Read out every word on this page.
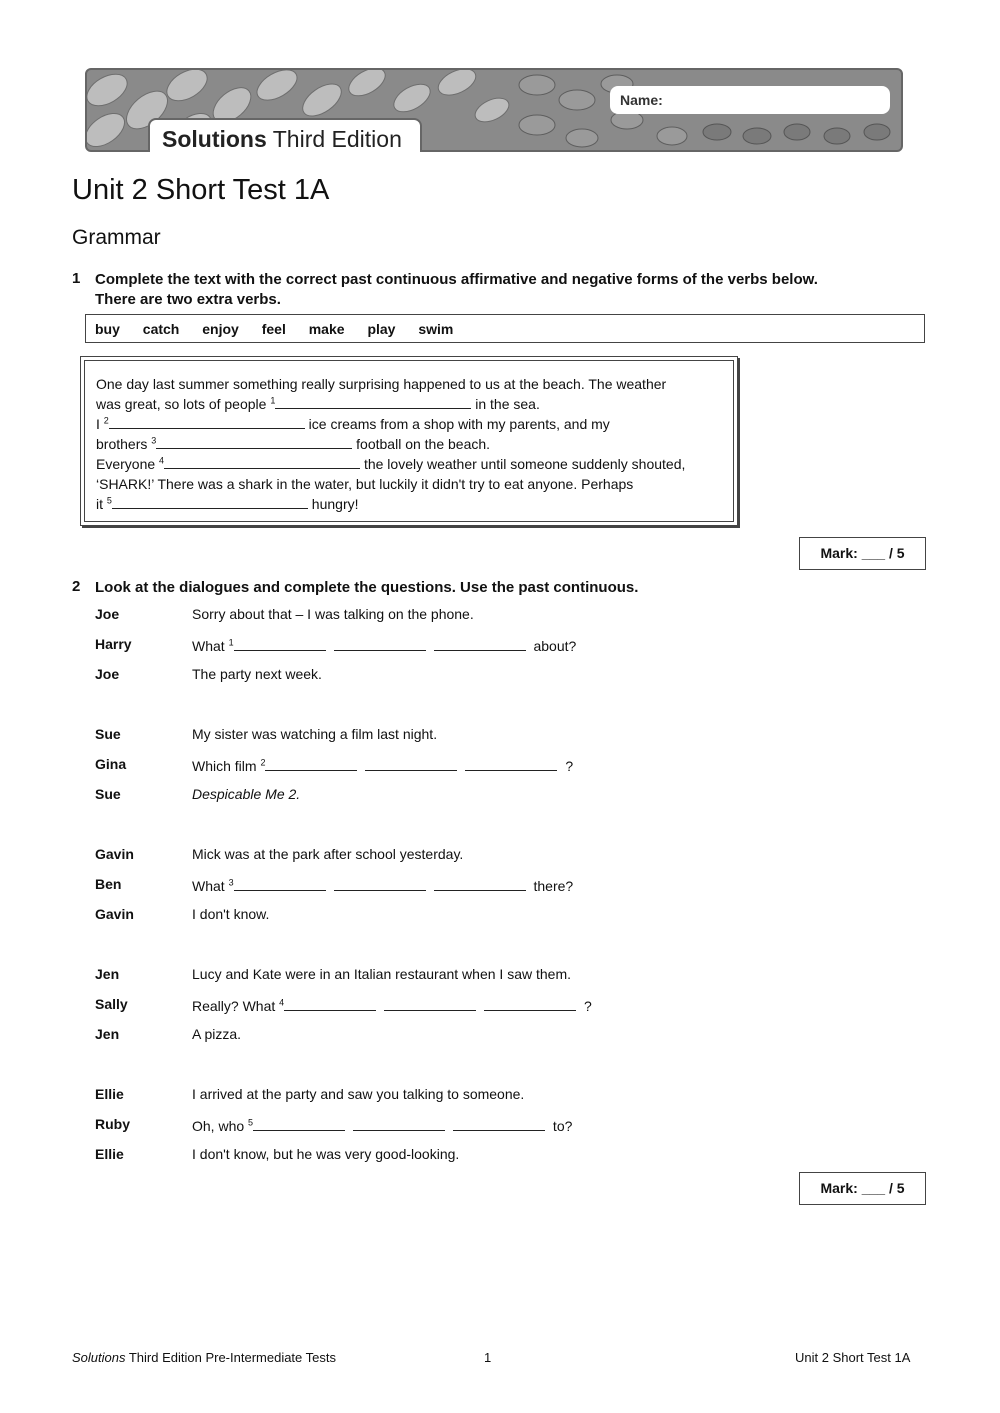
Name:
Solutions Third Edition
Unit 2 Short Test 1A
Grammar
1 Complete the text with the correct past continuous affirmative and negative forms of the verbs below.
There are two extra verbs.
buy catch enjoy feel make play swim
One day last summer something really surprising happened to us at the beach. The weather
was great, so lots of people $^1$	in the sea.
I $^2$	ice creams from a shop with my parents, and my
brothers $^3$	football on the beach.
Everyone $^4$	the lovely weather until someone suddenly shouted,
‘SHARK!’ There was a shark in the water, but luckily it didn't try to eat anyone. Perhaps
it $^5$	hungry!
Mark: ___ / 5
2 Look at the dialogues and complete the questions. Use the past continuous.
Joe	Sorry about that – I was talking on the phone.
Harry	What $^1$	about?
Joe	The party next week.
Sue	My sister was watching a film last night.
Gina	Which film $^2$	?
Sue	Despicable Me 2.
Gavin	Mick was at the park after school yesterday.
Ben	What $^3$	there?
Gavin	I don't know.
Jen	Lucy and Kate were in an Italian restaurant when I saw them.
Sally	Really? What $^4$	?
Jen	A pizza.
Ellie	I arrived at the party and saw you talking to someone.
Ruby	Oh, who $^5$	to?
Ellie	I don't know, but he was very good-looking.
Mark: ___ / 5
Solutions Third Edition Pre-Intermediate Tests	1	Unit 2 Short Test 1A
